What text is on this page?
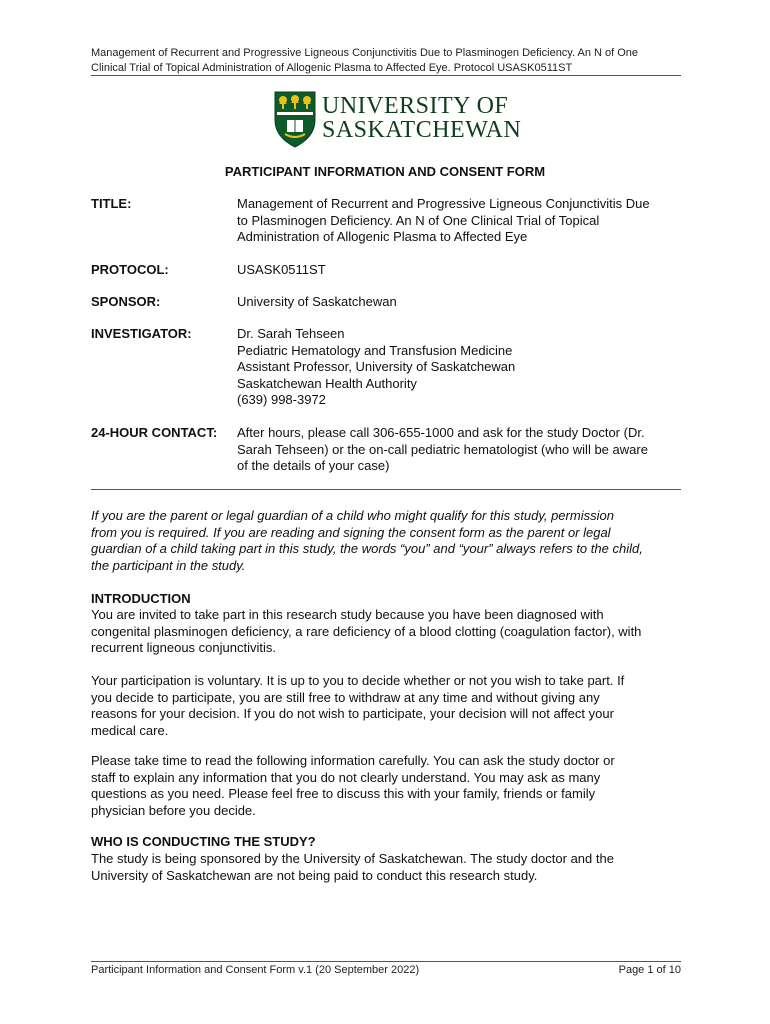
Management of Recurrent and Progressive Ligneous Conjunctivitis Due to Plasminogen Deficiency. An N of One
Clinical Trial of Topical Administration of Allogenic Plasma to Affected Eye. Protocol USASK0511ST
UNIVERSITY OF
SASKATCHEWAN
PARTICIPANT INFORMATION AND CONSENT FORM
TITLE:	Management of Recurrent and Progressive Ligneous Conjunctivitis Due
to Plasminogen Deficiency. An N of One Clinical Trial of Topical
Administration of Allogenic Plasma to Affected Eye
PROTOCOL:	USASK0511ST
SPONSOR:	University of Saskatchewan
INVESTIGATOR:	Dr. Sarah Tehseen
Pediatric Hematology and Transfusion Medicine
Assistant Professor, University of Saskatchewan
Saskatchewan Health Authority
(639) 998-3972
24-HOUR CONTACT: After hours, please call 306-655-1000 and ask for the study Doctor (Dr.
Sarah Tehseen) or the on-call pediatric hematologist (who will be aware
of the details of your case)
If you are the parent or legal guardian of a child who might qualify for this study, permission
from you is required. If you are reading and signing the consent form as the parent or legal
guardian of a child taking part in this study, the words “you” and “your” always refers to the child,
the participant in the study.
INTRODUCTION
You are invited to take part in this research study because you have been diagnosed with
congenital plasminogen deficiency, a rare deficiency of a blood clotting (coagulation factor), with
recurrent ligneous conjunctivitis.
Your participation is voluntary. It is up to you to decide whether or not you wish to take part. If
you decide to participate, you are still free to withdraw at any time and without giving any
reasons for your decision. If you do not wish to participate, your decision will not affect your
medical care.
Please take time to read the following information carefully. You can ask the study doctor or
staff to explain any information that you do not clearly understand. You may ask as many
questions as you need. Please feel free to discuss this with your family, friends or family
physician before you decide.
WHO IS CONDUCTING THE STUDY?
The study is being sponsored by the University of Saskatchewan. The study doctor and the
University of Saskatchewan are not being paid to conduct this research study.
Participant Information and Consent Form v.1 (20 September 2022)	Page 1 of 10
